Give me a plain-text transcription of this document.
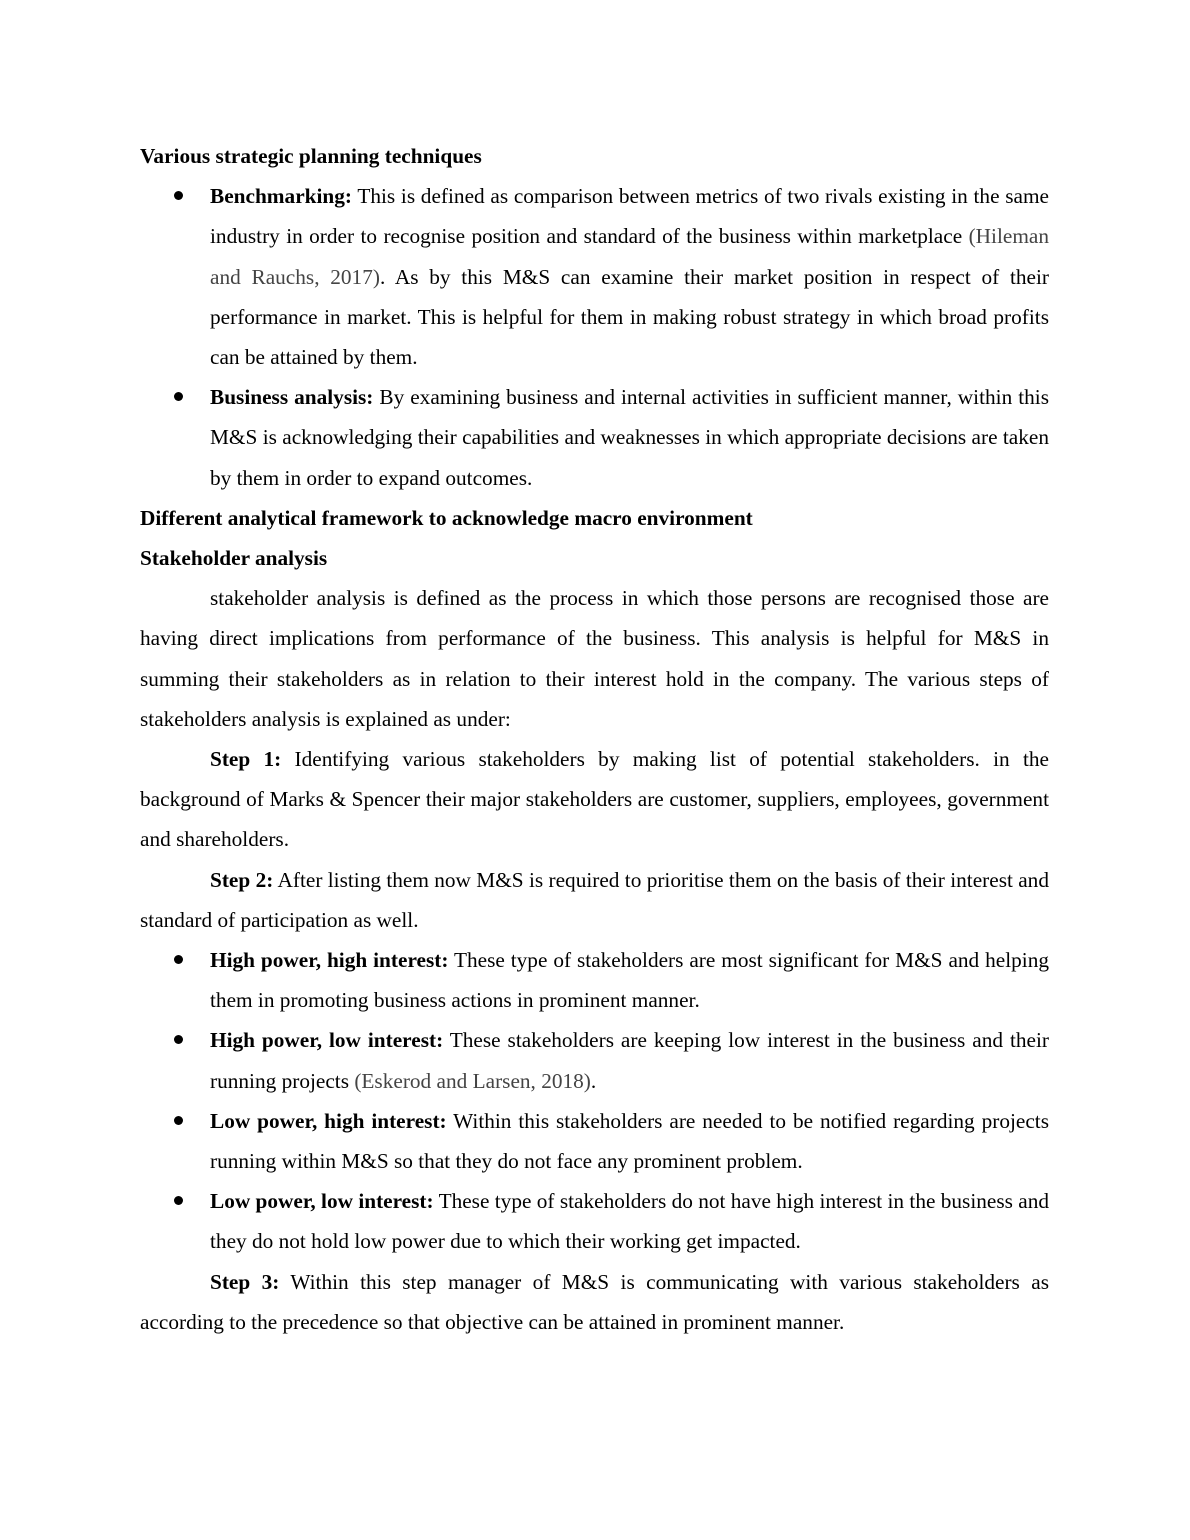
Various strategic planning techniques

Benchmarking: This is defined as comparison between metrics of two rivals existing in the same industry in order to recognise position and standard of the business within marketplace (Hileman and Rauchs, 2017). As by this M&S can examine their market position in respect of their performance in market. This is helpful for them in making robust strategy in which broad profits can be attained by them.
Business analysis: By examining business and internal activities in sufficient manner, within this M&S is acknowledging their capabilities and weaknesses in which appropriate decisions are taken by them in order to expand outcomes.

Different analytical framework to acknowledge macro environment

Stakeholder analysis

stakeholder analysis is defined as the process in which those persons are recognised those are having direct implications from performance of the business. This analysis is helpful for M&S in summing their stakeholders as in relation to their interest hold in the company. The various steps of stakeholders analysis is explained as under:

Step 1: Identifying various stakeholders by making list of potential stakeholders. in the background of Marks & Spencer their major stakeholders are customer, suppliers, employees, government and shareholders.

Step 2: After listing them now M&S is required to prioritise them on the basis of their interest and standard of participation as well.

High power, high interest: These type of stakeholders are most significant for M&S and helping them in promoting business actions in prominent manner.
High power, low interest: These stakeholders are keeping low interest in the business and their running projects (Eskerod and Larsen, 2018).
Low power, high interest: Within this stakeholders are needed to be notified regarding projects running within M&S so that they do not face any prominent problem.
Low power, low interest: These type of stakeholders do not have high interest in the business and they do not hold low power due to which their working get impacted.

Step 3: Within this step manager of M&S is communicating with various stakeholders as according to the precedence so that objective can be attained in prominent manner.
